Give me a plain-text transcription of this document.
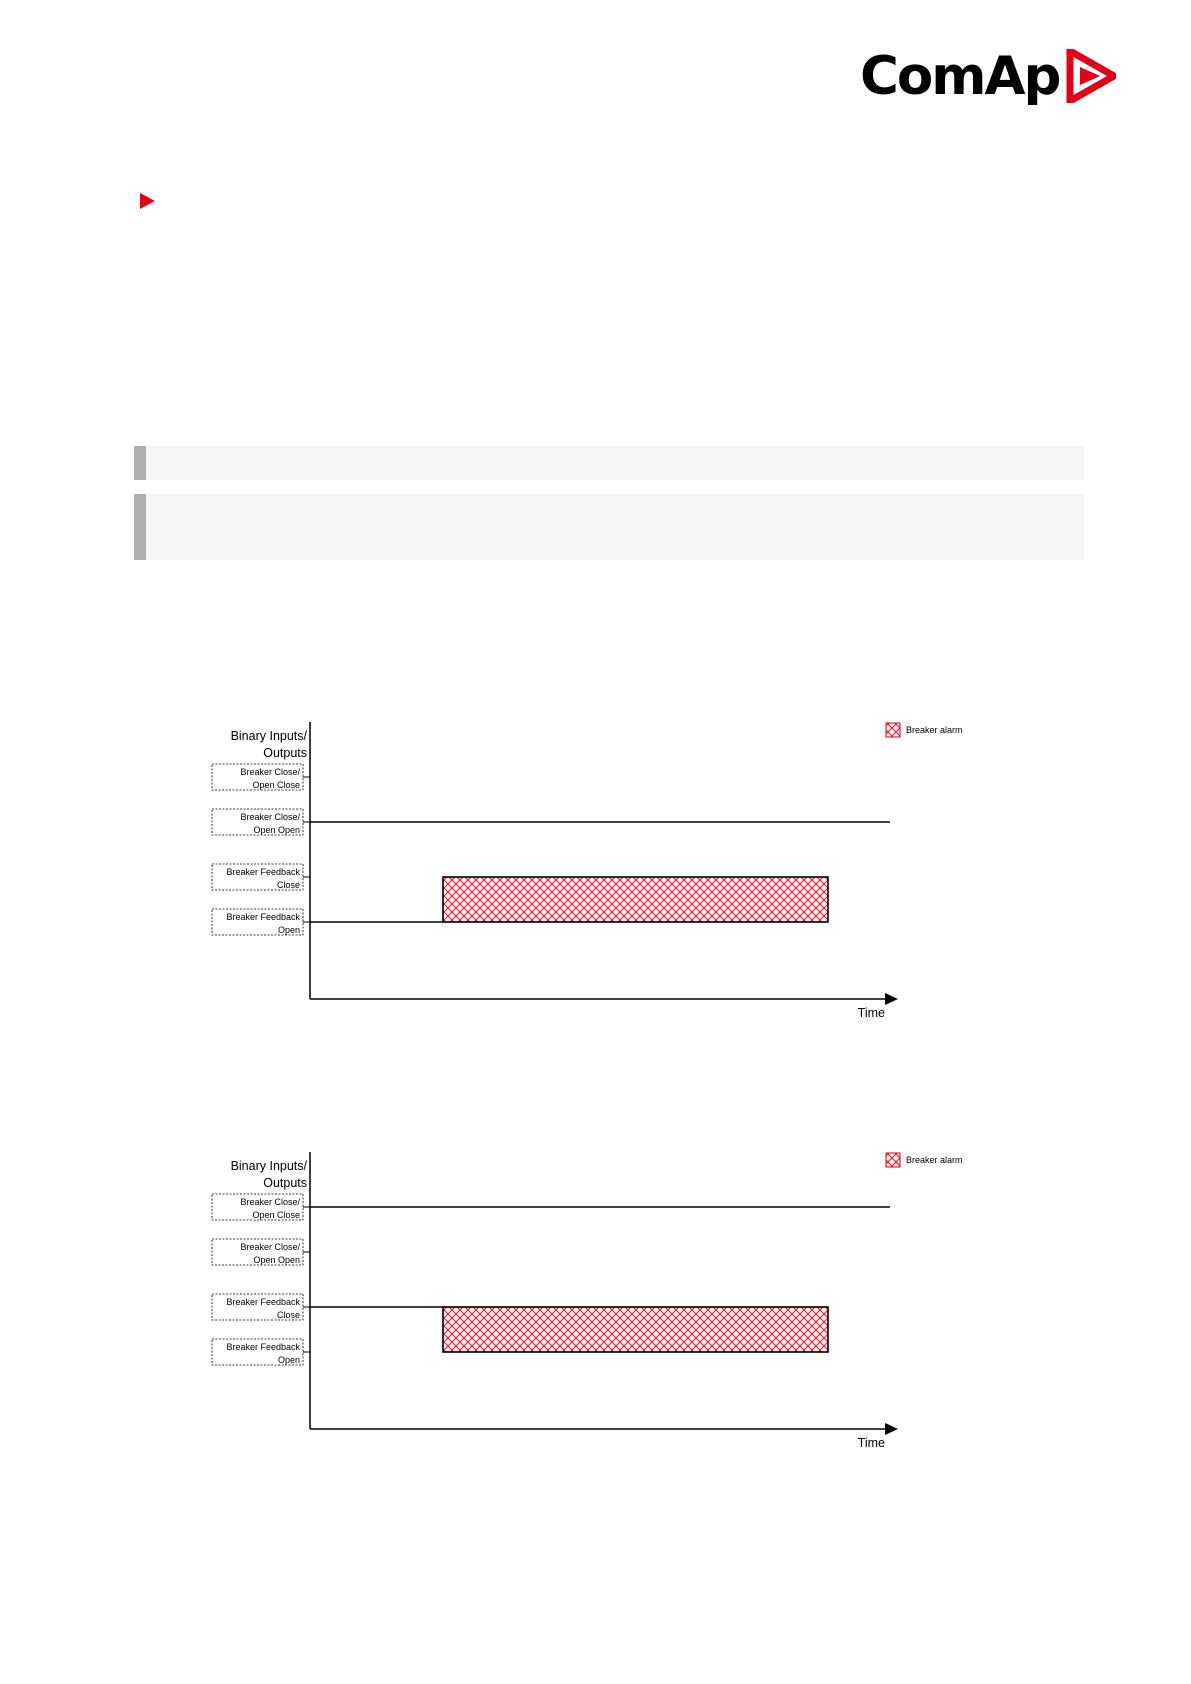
ComAp
Binary Inputs/
Outputs
Time
Breaker Close/
Open Close
Breaker Close/
Open Open
Breaker Feedback
Close
Breaker Feedback
Open
Breaker alarm
Binary Inputs/
Outputs
Time
Breaker Close/
Open Close
Breaker Close/
Open Open
Breaker Feedback
Close
Breaker Feedback
Open
Breaker alarm
